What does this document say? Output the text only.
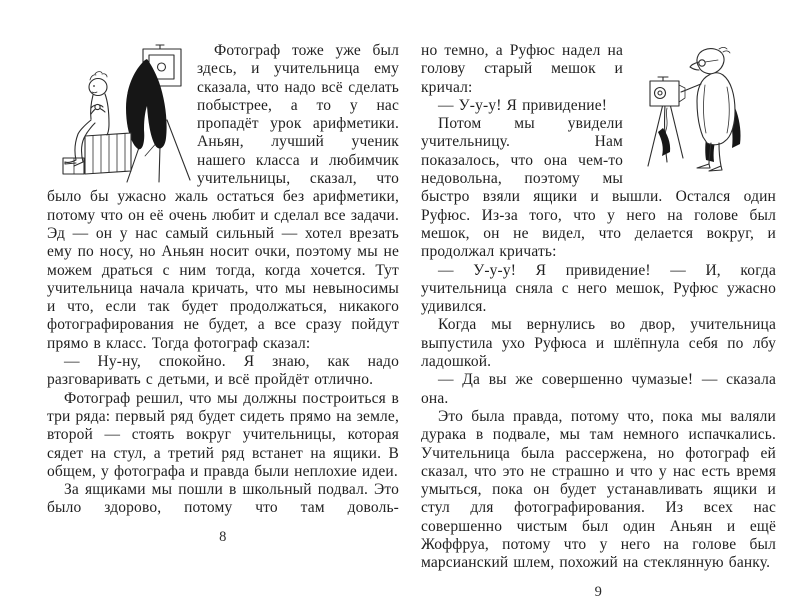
Фотограф тоже уже был здесь, и учительница ему сказала, что надо всё сделать побыстрее, а то у нас пропадёт урок арифметики. Аньян, лучший ученик нашего класса и любимчик учительницы, сказал, что было бы ужасно жаль остаться без арифметики, потому что он её очень любит и сделал все задачи. Эд — он у нас самый сильный — хотел врезать ему по носу, но Аньян носит очки, поэтому мы не можем драться с ним тогда, когда хочется. Тут учительница начала кричать, что мы невыносимы и что, если так будет продолжаться, никакого фотографирования не будет, а все сразу пойдут прямо в класс. Тогда фотограф сказал:

— Ну-ну, спокойно. Я знаю, как надо разговаривать с детьми, и всё пройдёт отлично.

Фотограф решил, что мы должны построиться в три ряда: первый ряд будет сидеть прямо на земле, второй — стоять вокруг учительницы, которая сядет на стул, а третий ряд встанет на ящики. В общем, у фотографа и правда были неплохие идеи.

За ящиками мы пошли в школьный подвал. Это было здорово, потому что там доволь-

8

но темно, а Руфюс надел на голову старый мешок и кричал:

— У-у-у! Я привидение!

Потом мы увидели учительницу. Нам показалось, что она чем-то недовольна, поэтому мы быстро взяли ящики и вышли. Остался один Руфюс. Из-за того, что у него на голове был мешок, он не видел, что делается вокруг, и продолжал кричать:

— У-у-у! Я привидение! — И, когда учительница сняла с него мешок, Руфюс ужасно удивился.

Когда мы вернулись во двор, учительница выпустила ухо Руфюса и шлёпнула себя по лбу ладошкой.

— Да вы же совершенно чумазые! — сказала она.

Это была правда, потому что, пока мы валяли дурака в подвале, мы там немного испачкались. Учительница была рассержена, но фотограф ей сказал, что это не страшно и что у нас есть время умыться, пока он будет устанавливать ящики и стул для фотографирования. Из всех нас совершенно чистым был один Аньян и ещё Жоффруа, потому что у него на голове был марсианский шлем, похожий на стеклянную банку.

9
